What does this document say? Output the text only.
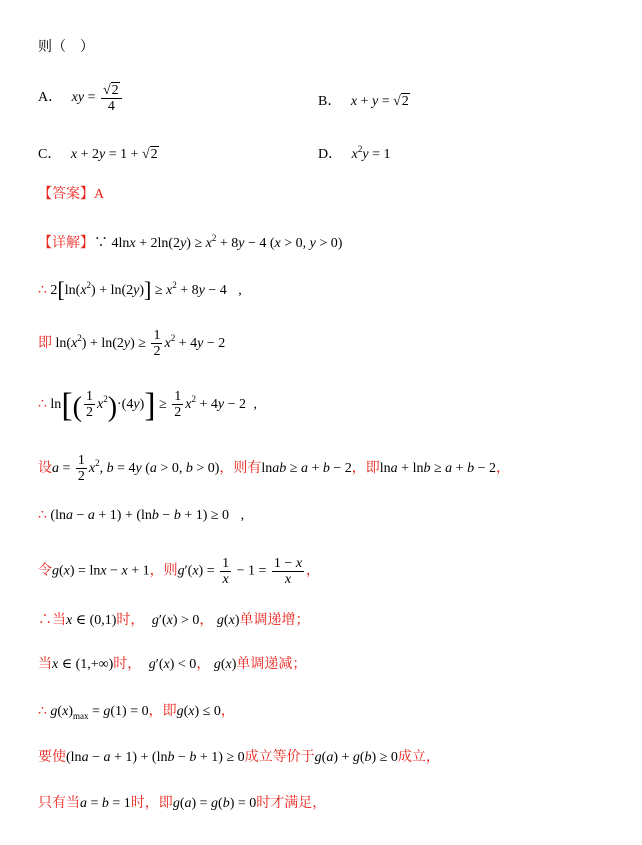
则（　）
A． xy = $\frac{√2}{4}$	B． x + y = √2
C． x + 2y = 1 + √2	D． $x^2y = 1$
【答案】A
【详解】∵ $4\ln x + 2\ln(2y) \ge x^2 + 8y - 4$ (x > 0, y > 0)
∴ $2[\ln(x^2) + \ln(2y)] \ge x^2 + 8y - 4$ ,
即 $\ln(x^2) + \ln(2y) \ge \frac{1}{2} x^2 + 4y - 2$
∴ $\ln[( \frac{1}{2} x^2)\cdot(4y)] \ge \frac{1}{2} x^2 + 4y - 2$ ,
设$a = \frac{1}{2} x^2$, b = 4y (a > 0, b > 0)，则有lnab ≥ a + b − 2，即lna + lnb ≥ a + b − 2，
∴ (lna − a + 1) + (lnb − b + 1) ≥ 0 ,
令g(x) = lnx − x + 1，则$g'(x) = \frac{1}{x} - 1 = \frac{1 - x}{x}$ ，
∴当x ∈ (0,1)时， g′(x) > 0， g(x)单调递增；
当x ∈ (1,+∞)时， g′(x) < 0， g(x)单调递减；
∴ $g(x)_{max} = g(1) = 0$，即g(x) ≤ 0，
要使(lna − a + 1) + (lnb − b + 1) ≥ 0成立等价于g(a) + g(b) ≥ 0成立，
只有当a = b = 1时，即g(a) = g(b) = 0时才满足，
